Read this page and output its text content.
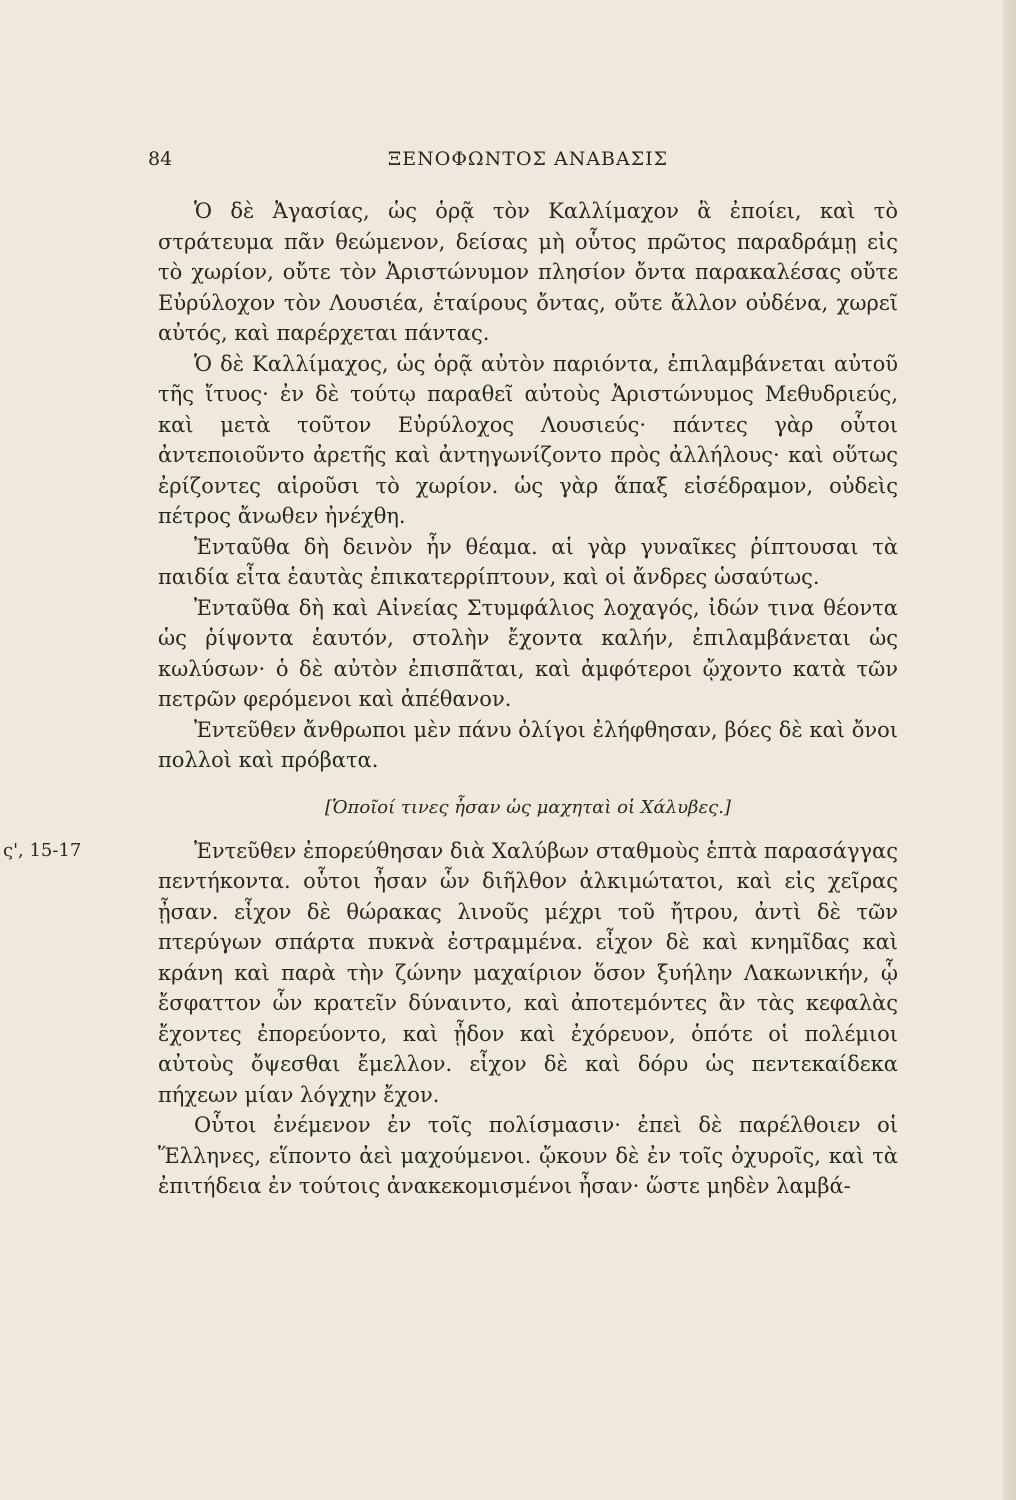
84	ΞΕΝΟΦΩΝΤΟΣ ΑΝΑΒΑΣΙΣ

Ὁ δὲ Ἀγασίας, ὡς ὁρᾷ τὸν Καλλίμαχον ἃ ἐποίει, καὶ τὸ στράτευμα πᾶν θεώμενον, δείσας μὴ οὗτος πρῶτος παραδράμῃ εἰς τὸ χωρίον, οὔτε τὸν Ἀριστώνυμον πλησίον ὄντα παρακαλέσας οὔτε Εὐρύλοχον τὸν Λουσιέα, ἑταίρους ὄντας, οὔτε ἄλλον οὐδένα, χωρεῖ αὐτός, καὶ παρέρχεται πάντας.

Ὁ δὲ Καλλίμαχος, ὡς ὁρᾷ αὐτὸν παριόντα, ἐπιλαμβάνεται αὐτοῦ τῆς ἴτυος· ἐν δὲ τούτῳ παραθεῖ αὐτοὺς Ἀριστώνυμος Μεθυδριεύς, καὶ μετὰ τοῦτον Εὐρύλοχος Λουσιεύς· πάντες γὰρ οὗτοι ἀντεποιοῦντο ἀρετῆς καὶ ἀντηγωνίζοντο πρὸς ἀλλήλους· καὶ οὕτως ἐρίζοντες αἱροῦσι τὸ χωρίον. ὡς γὰρ ἅπαξ εἰσέδραμον, οὐδεὶς πέτρος ἄνωθεν ἠνέχθη.

Ἐνταῦθα δὴ δεινὸν ἦν θέαμα. αἱ γὰρ γυναῖκες ῥίπτουσαι τὰ παιδία εἶτα ἑαυτὰς ἐπικατερρίπτουν, καὶ οἱ ἄνδρες ὡσαύτως.

Ἐνταῦθα δὴ καὶ Αἰνείας Στυμφάλιος λοχαγός, ἰδών τινα θέοντα ὡς ῥίψοντα ἑαυτόν, στολὴν ἔχοντα καλήν, ἐπιλαμβάνεται ὡς κωλύσων· ὁ δὲ αὐτὸν ἐπισπᾶται, καὶ ἀμφότεροι ᾤχοντο κατὰ τῶν πετρῶν φερόμενοι καὶ ἀπέθανον.

Ἐντεῦθεν ἄνθρωποι μὲν πάνυ ὀλίγοι ἐλήφθησαν, βόες δὲ καὶ ὄνοι πολλοὶ καὶ πρόβατα.

[Ὁποῖοί τινες ἦσαν ὡς μαχηταὶ οἱ Χάλυβες.]
ς', 15-17	Ἐντεῦθεν ἐπορεύθησαν διὰ Χαλύβων σταθμοὺς ἑπτὰ παρασάγγας πεντήκοντα. οὗτοι ἦσαν ὧν διῆλθον ἀλκιμώτατοι, καὶ εἰς χεῖρας ᾖσαν. εἶχον δὲ θώρακας λινοῦς μέχρι τοῦ ἤτρου, ἀντὶ δὲ τῶν πτερύγων σπάρτα πυκνὰ ἐστραμμένα. εἶχον δὲ καὶ κνημῖδας καὶ κράνη καὶ παρὰ τὴν ζώνην μαχαίριον ὅσον ξυήλην Λακωνικήν, ᾧ ἔσφαττον ὧν κρατεῖν δύναιντο, καὶ ἀποτεμόντες ἂν τὰς κεφαλὰς ἔχοντες ἐπορεύοντο, καὶ ᾖδον καὶ ἐχόρευον, ὁπότε οἱ πολέμιοι αὐτοὺς ὄψεσθαι ἔμελλον. εἶχον δὲ καὶ δόρυ ὡς πεντεκαίδεκα πήχεων μίαν λόγχην ἔχον.

Οὗτοι ἐνέμενον ἐν τοῖς πολίσμασιν· ἐπεὶ δὲ παρέλθοιεν οἱ Ἕλληνες, εἵποντο ἀεὶ μαχούμενοι. ᾤκουν δὲ ἐν τοῖς ὀχυροῖς, καὶ τὰ ἐπιτήδεια ἐν τούτοις ἀνακεκομισμένοι ἦσαν· ὥστε μηδὲν λαμβά-
